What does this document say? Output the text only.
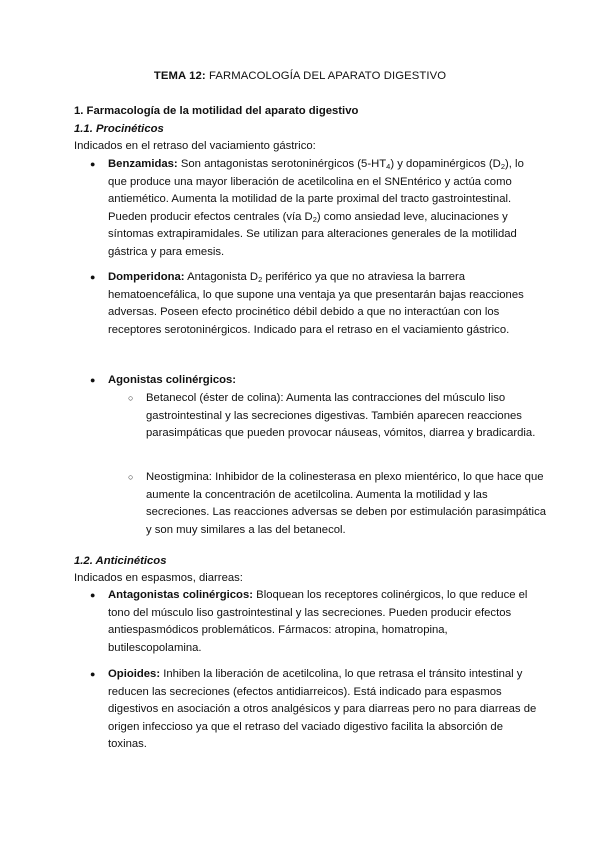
TEMA 12: FARMACOLOGÍA DEL APARATO DIGESTIVO
1. Farmacología de la motilidad del aparato digestivo
1.1. Procinéticos
Indicados en el retraso del vaciamiento gástrico:
● Benzamidas: Son antagonistas serotoninérgicos $(5-HT_4)$ y dopaminérgicos $(D_2)$, lo que produce una mayor liberación de acetilcolina en el SNEntérico y actúa como antiemético. Aumenta la motilidad de la parte proximal del tracto gastrointestinal. Pueden producir efectos centrales (vía $D_2$) como ansiedad leve, alucinaciones y síntomas extrapiramidales. Se utilizan para alteraciones generales de la motilidad gástrica y para emesis.

● Domperidona: Antagonista $D_2$ periférico ya que no atraviesa la barrera hematoencefálica, lo que supone una ventaja ya que presentarán bajas reacciones adversas. Poseen efecto procinético débil debido a que no interactúan con los receptores serotoninérgicos. Indicado para el retraso en el vaciamiento gástrico.

● Agonistas colinérgicos:

○ Betanecol (éster de colina): Aumenta las contracciones del músculo liso gastrointestinal y las secreciones digestivas. También aparecen reacciones parasimpáticas que pueden provocar náuseas, vómitos, diarrea y bradicardia.

○ Neostigmina: Inhibidor de la colinesterasa en plexo mientérico, lo que hace que aumente la concentración de acetilcolina. Aumenta la motilidad y las secreciones. Las reacciones adversas se deben por estimulación parasimpática y son muy similares a las del betanecol.

1.2. Anticinéticos
Indicados en espasmos, diarreas:
● Antagonistas colinérgicos: Bloquean los receptores colinérgicos, lo que reduce el tono del músculo liso gastrointestinal y las secreciones. Pueden producir efectos antiespasmódicos problemáticos. Fármacos: atropina, homatropina, butilescopolamina.

● Opioides: Inhiben la liberación de acetilcolina, lo que retrasa el tránsito intestinal y reducen las secreciones (efectos antidiarreicos). Está indicado para espasmos digestivos en asociación a otros analgésicos y para diarreas pero no para diarreas de origen infeccioso ya que el retraso del vaciado digestivo facilita la absorción de toxinas.
